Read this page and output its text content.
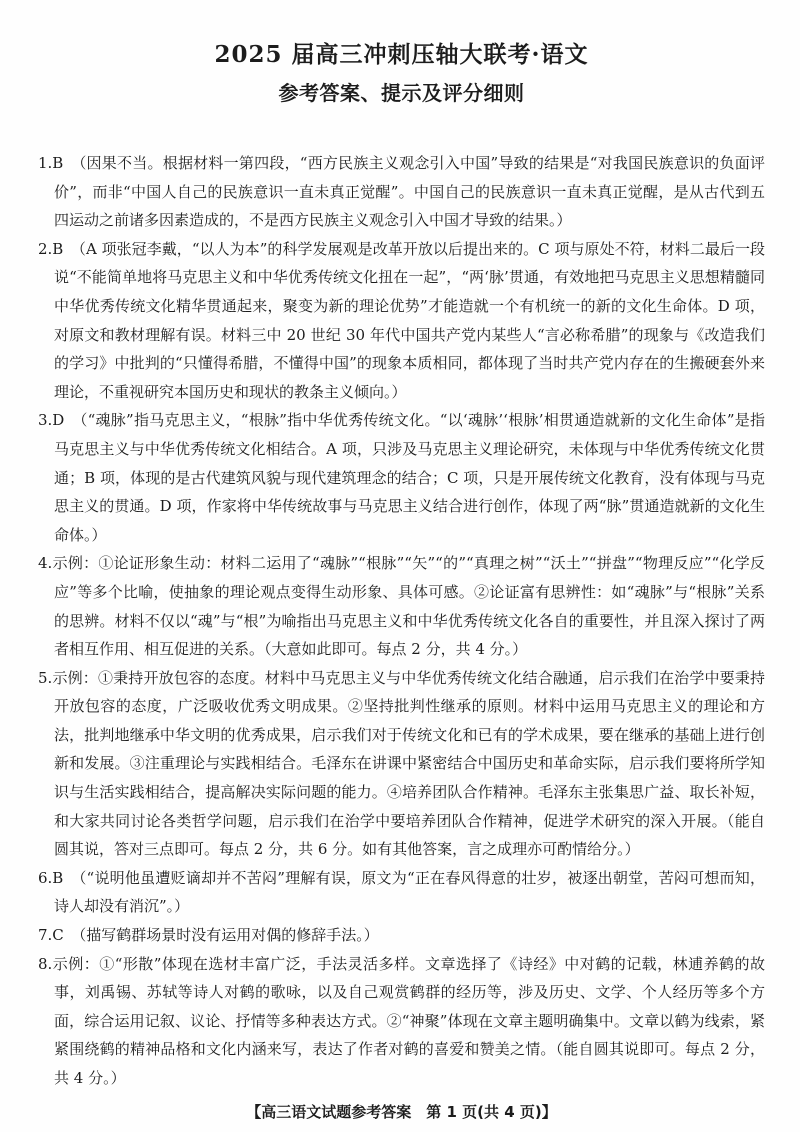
2025 届高三冲刺压轴大联考·语文
参考答案、提示及评分细则
1.B　（因果不当。根据材料一第四段，“西方民族主义观念引入中国”导致的结果是“对我国民族意识的负面评价”，而非“中国人自己的民族意识一直未真正觉醒”。中国自己的民族意识一直未真正觉醒，是从古代到五四运动之前诸多因素造成的，不是西方民族主义观念引入中国才导致的结果。）
2.B　（A 项张冠李戴，“以人为本”的科学发展观是改革开放以后提出来的。C 项与原处不符，材料二最后一段说“不能简单地将马克思主义和中华优秀传统文化扭在一起”，“两‘脉’贯通，有效地把马克思主义思想精髓同中华优秀传统文化精华贯通起来，聚变为新的理论优势”才能造就一个有机统一的新的文化生命体。D 项，对原文和教材理解有误。材料三中 20 世纪 30 年代中国共产党内某些人“言必称希腊”的现象与《改造我们的学习》中批判的“只懂得希腊，不懂得中国”的现象本质相同，都体现了当时共产党内存在的生搬硬套外来理论，不重视研究本国历史和现状的教条主义倾向。）
3.D　（“魂脉”指马克思主义，“根脉”指中华优秀传统文化。“以‘魂脉’‘根脉’相贯通造就新的文化生命体”是指马克思主义与中华优秀传统文化相结合。A 项，只涉及马克思主义理论研究，未体现与中华优秀传统文化贯通；B 项，体现的是古代建筑风貌与现代建筑理念的结合；C 项，只是开展传统文化教育，没有体现与马克思主义的贯通。D 项，作家将中华传统故事与马克思主义结合进行创作，体现了两“脉”贯通造就新的文化生命体。）
4.示例：①论证形象生动：材料二运用了“魂脉”“根脉”“矢”“的”“真理之树”“沃土”“拼盘”“物理反应”“化学反应”等多个比喻，使抽象的理论观点变得生动形象、具体可感。②论证富有思辨性：如“魂脉”与“根脉”关系的思辨。材料不仅以“魂”与“根”为喻指出马克思主义和中华优秀传统文化各自的重要性，并且深入探讨了两者相互作用、相互促进的关系。（大意如此即可。每点 2 分，共 4 分。）
5.示例：①秉持开放包容的态度。材料中马克思主义与中华优秀传统文化结合融通，启示我们在治学中要秉持开放包容的态度，广泛吸收优秀文明成果。②坚持批判性继承的原则。材料中运用马克思主义的理论和方法，批判地继承中华文明的优秀成果，启示我们对于传统文化和已有的学术成果，要在继承的基础上进行创新和发展。③注重理论与实践相结合。毛泽东在讲课中紧密结合中国历史和革命实际，启示我们要将所学知识与生活实践相结合，提高解决实际问题的能力。④培养团队合作精神。毛泽东主张集思广益、取长补短，和大家共同讨论各类哲学问题，启示我们在治学中要培养团队合作精神，促进学术研究的深入开展。（能自圆其说，答对三点即可。每点 2 分，共 6 分。如有其他答案，言之成理亦可酌情给分。）
6.B　（“说明他虽遭贬谪却并不苦闷”理解有误，原文为“正在春风得意的壮岁，被逐出朝堂，苦闷可想而知，诗人却没有消沉”。）
7.C　（描写鹤群场景时没有运用对偶的修辞手法。）
8.示例：①“形散”体现在选材丰富广泛，手法灵活多样。文章选择了《诗经》中对鹤的记载，林逋养鹤的故事，刘禹锡、苏轼等诗人对鹤的歌咏，以及自己观赏鹤群的经历等，涉及历史、文学、个人经历等多个方面，综合运用记叙、议论、抒情等多种表达方式。②“神聚”体现在文章主题明确集中。文章以鹤为线索，紧紧围绕鹤的精神品格和文化内涵来写，表达了作者对鹤的喜爱和赞美之情。（能自圆其说即可。每点 2 分，共 4 分。）
【高三语文试题参考答案　第 1 页(共 4 页)】
